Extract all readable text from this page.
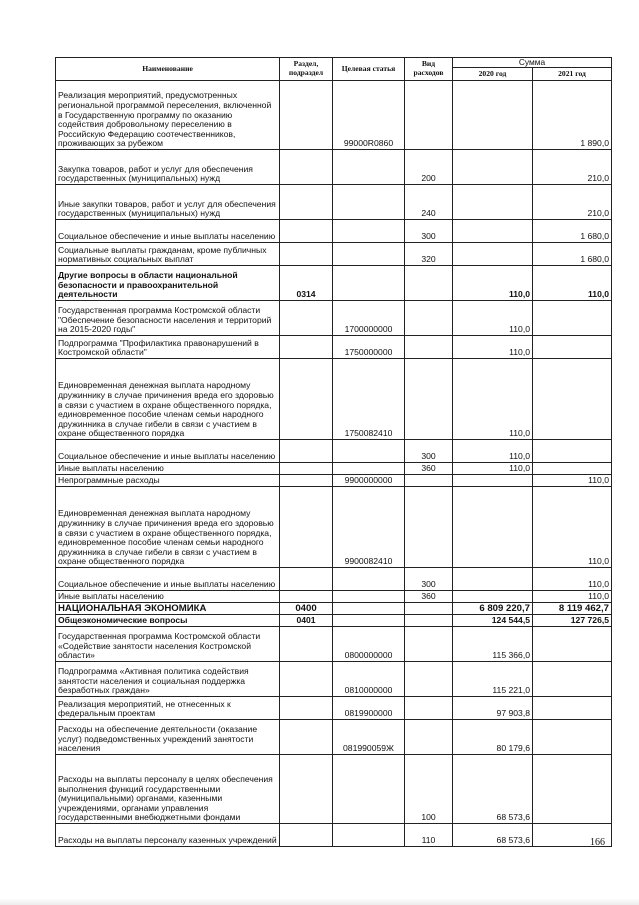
Наименование	Раздел, подраздел	Целевая статья	Вид расходов	Сумма	
				2020 год	2021 год
Реализация мероприятий, предусмотренных региональной программой переселения, включенной в Государственную программу по оказанию содействия добровольному переселению в Российскую Федерацию соотечественников, проживающих за рубежом		99000R0860			1 890,0
Закупка товаров, работ и услуг для обеспечения государственных (муниципальных) нужд			200		210,0
Иные закупки товаров, работ и услуг для обеспечения государственных (муниципальных) нужд			240		210,0
Социальное обеспечение и иные выплаты населению			300		1 680,0
Социальные выплаты гражданам, кроме публичных нормативных социальных выплат			320		1 680,0
Другие вопросы в области национальной безопасности и правоохранительной деятельности	0314			110,0	110,0
Государственная программа Костромской области "Обеспечение безопасности населения и территорий на 2015-2020 годы"		1700000000		110,0	
Подпрограмма "Профилактика правонарушений в Костромской области"		1750000000		110,0	
Единовременная денежная выплата народному дружиннику в случае причинения вреда его здоровью в связи с участием в охране общественного порядка, единовременное пособие членам семьи народного дружинника в случае гибели в связи с участием в охране общественного порядка		1750082410		110,0	
Социальное обеспечение и иные выплаты населению			300	110,0	
Иные выплаты населению			360	110,0	
Непрограммные расходы		9900000000			110,0
Единовременная денежная выплата народному дружиннику в случае причинения вреда его здоровью в связи с участием в охране общественного порядка, единовременное пособие членам семьи народного дружинника в случае гибели в связи с участием в охране общественного порядка		9900082410			110,0
Социальное обеспечение и иные выплаты населению			300		110,0
Иные выплаты населению			360		110,0
НАЦИОНАЛЬНАЯ ЭКОНОМИКА	0400			6 809 220,7	8 119 462,7
Общеэкономические вопросы	0401			124 544,5	127 726,5
Государственная программа Костромской области «Содействие занятости населения Костромской области»		0800000000		115 366,0	
Подпрограмма «Активная политика содействия занятости населения и социальная поддержка безработных граждан»		0810000000		115 221,0	
Реализация мероприятий, не отнесенных к федеральным проектам		0819900000		97 903,8	
Расходы на обеспечение деятельности (оказание услуг) подведомственных учреждений занятости населения		081990059Ж		80 179,6	
Расходы на выплаты персоналу в целях обеспечения выполнения функций государственными (муниципальными) органами, казенными учреждениями, органами управления государственными внебюджетными фондами			100	68 573,6	
Расходы на выплаты персоналу казенных учреждений			110	68 573,6		166
